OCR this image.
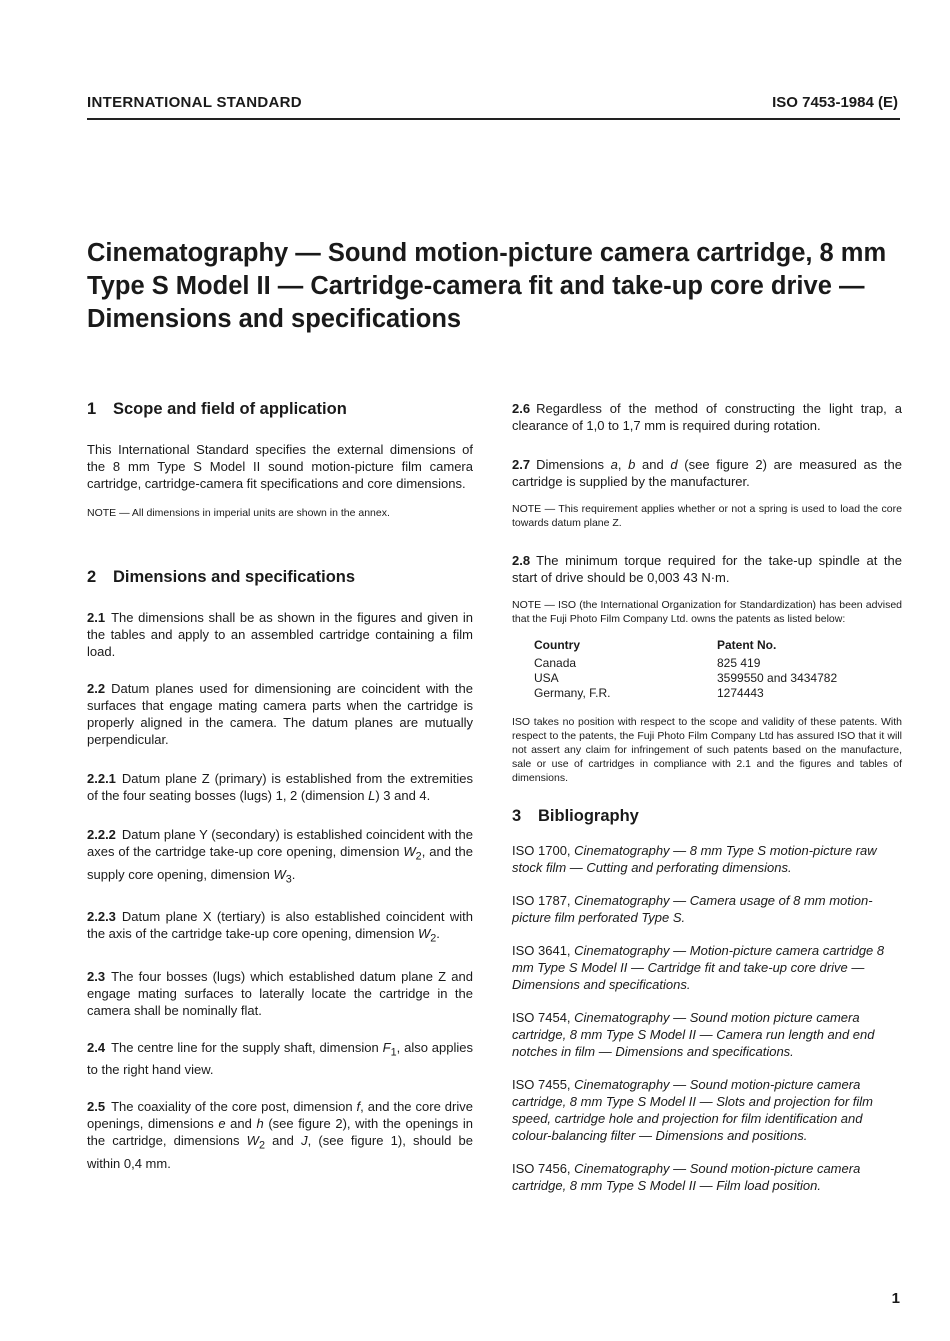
INTERNATIONAL STANDARD	ISO 7453-1984 (E)
Cinematography — Sound motion-picture camera cartridge, 8 mm Type S Model II — Cartridge-camera fit and take-up core drive — Dimensions and specifications
1 Scope and field of application

This International Standard specifies the external dimensions of the 8 mm Type S Model II sound motion-picture film camera cartridge, cartridge-camera fit specifications and core dimensions.

NOTE — All dimensions in imperial units are shown in the annex.

2 Dimensions and specifications

2.1 The dimensions shall be as shown in the figures and given in the tables and apply to an assembled cartridge containing a film load.

2.2 Datum planes used for dimensioning are coincident with the surfaces that engage mating camera parts when the cartridge is properly aligned in the camera. The datum planes are mutually perpendicular.

2.2.1 Datum plane Z (primary) is established from the extremities of the four seating bosses (lugs) 1, 2 (dimension L) 3 and 4.

2.2.2 Datum plane Y (secondary) is established coincident with the axes of the cartridge take-up core opening, dimension $W_2$, and the supply core opening, dimension $W_3$.

2.2.3 Datum plane X (tertiary) is also established coincident with the axis of the cartridge take-up core opening, dimension $W_2$.

2.3 The four bosses (lugs) which established datum plane Z and engage mating surfaces to laterally locate the cartridge in the camera shall be nominally flat.

2.4 The centre line for the supply shaft, dimension $F_1$, also applies to the right hand view.

2.5 The coaxiality of the core post, dimension f, and the core drive openings, dimensions e and h (see figure 2), with the openings in the cartridge, dimensions $W_2$ and J, (see figure 1), should be within 0,4 mm.

2.6 Regardless of the method of constructing the light trap, a clearance of 1,0 to 1,7 mm is required during rotation.

2.7 Dimensions a, b and d (see figure 2) are measured as the cartridge is supplied by the manufacturer.

NOTE — This requirement applies whether or not a spring is used to load the core towards datum plane Z.

2.8 The minimum torque required for the take-up spindle at the start of drive should be 0,003 43 N·m.

NOTE — ISO (the International Organization for Standardization) has been advised that the Fuji Photo Film Company Ltd. owns the patents as listed below:

Country	Patent No.
Canada	825 419
USA	3599550 and 3434782
Germany, F.R.	1274443

ISO takes no position with respect to the scope and validity of these patents. With respect to the patents, the Fuji Photo Film Company Ltd has assured ISO that it will not assert any claim for infringement of such patents based on the manufacture, sale or use of cartridges in compliance with 2.1 and the figures and tables of dimensions.

3 Bibliography

ISO 1700, Cinematography — 8 mm Type S motion-picture raw stock film — Cutting and perforating dimensions.

ISO 1787, Cinematography — Camera usage of 8 mm motion-picture film perforated Type S.

ISO 3641, Cinematography — Motion-picture camera cartridge 8 mm Type S Model II — Cartridge fit and take-up core drive — Dimensions and specifications.

ISO 7454, Cinematography — Sound motion picture camera cartridge, 8 mm Type S Model II — Camera run length and end notches in film — Dimensions and specifications.

ISO 7455, Cinematography — Sound motion-picture camera cartridge, 8 mm Type S Model II — Slots and projection for film speed, cartridge hole and projection for film identification and colour-balancing filter — Dimensions and positions.

ISO 7456, Cinematography — Sound motion-picture camera cartridge, 8 mm Type S Model II — Film load position.

1
